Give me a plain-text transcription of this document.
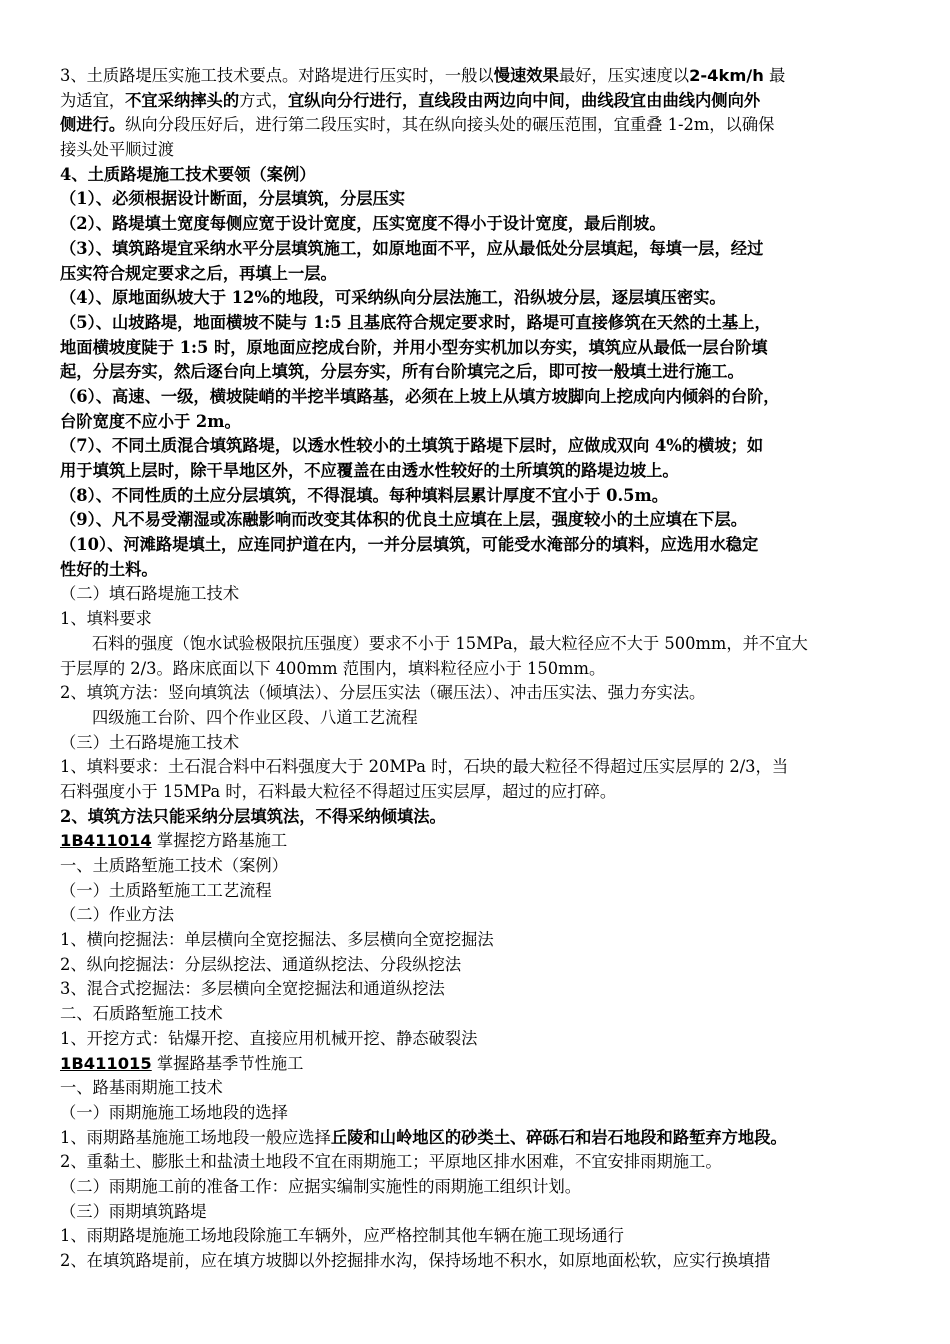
3、土质路堤压实施工技术要点。对路堤进行压实时，一般以慢速效果最好，压实速度以2-4km/h 最
为适宜，不宜采纳摔头的方式，宜纵向分行进行，直线段由两边向中间，曲线段宜由曲线内侧向外
侧进行。纵向分段压好后，进行第二段压实时，其在纵向接头处的碾压范围，宜重叠 1-2m，以确保
接头处平顺过渡
4、土质路堤施工技术要领（案例）
（1）、必须根据设计断面，分层填筑，分层压实
（2）、路堤填土宽度每侧应宽于设计宽度，压实宽度不得小于设计宽度，最后削坡。
（3）、填筑路堤宜采纳水平分层填筑施工，如原地面不平，应从最低处分层填起，每填一层，经过
压实符合规定要求之后，再填上一层。
（4）、原地面纵坡大于 12%的地段，可采纳纵向分层法施工，沿纵坡分层，逐层填压密实。
（5）、山坡路堤，地面横坡不陡与 1:5 且基底符合规定要求时，路堤可直接修筑在天然的土基上，
地面横坡度陡于 1:5 时，原地面应挖成台阶，并用小型夯实机加以夯实，填筑应从最低一层台阶填
起，分层夯实，然后逐台向上填筑，分层夯实，所有台阶填完之后，即可按一般填土进行施工。
（6）、高速、一级，横坡陡峭的半挖半填路基，必须在上坡上从填方坡脚向上挖成向内倾斜的台阶，
台阶宽度不应小于 2m。
（7）、不同土质混合填筑路堤，以透水性较小的土填筑于路堤下层时，应做成双向 4%的横坡；如
用于填筑上层时，除干旱地区外，不应覆盖在由透水性较好的土所填筑的路堤边坡上。
（8）、不同性质的土应分层填筑，不得混填。每种填料层累计厚度不宜小于 0.5m。
（9）、凡不易受潮湿或冻融影响而改变其体积的优良土应填在上层，强度较小的土应填在下层。
（10）、河滩路堤填土，应连同护道在内，一并分层填筑，可能受水淹部分的填料，应选用水稳定
性好的土料。
（二）填石路堤施工技术
1、填料要求
石料的强度（饱水试验极限抗压强度）要求不小于 15MPa，最大粒径应不大于 500mm，并不宜大
于层厚的 2/3。路床底面以下 400mm 范围内，填料粒径应小于 150mm。
2、填筑方法：竖向填筑法（倾填法）、分层压实法（碾压法）、冲击压实法、强力夯实法。
四级施工台阶、四个作业区段、八道工艺流程
（三）土石路堤施工技术
1、填料要求：土石混合料中石料强度大于 20MPa 时，石块的最大粒径不得超过压实层厚的 2/3，当
石料强度小于 15MPa 时，石料最大粒径不得超过压实层厚，超过的应打碎。
2、填筑方法只能采纳分层填筑法，不得采纳倾填法。
1B411014 掌握挖方路基施工
一、土质路堑施工技术（案例）
（一）土质路堑施工工艺流程
（二）作业方法
1、横向挖掘法：单层横向全宽挖掘法、多层横向全宽挖掘法
2、纵向挖掘法：分层纵挖法、通道纵挖法、分段纵挖法
3、混合式挖掘法：多层横向全宽挖掘法和通道纵挖法
二、石质路堑施工技术
1、开挖方式：钻爆开挖、直接应用机械开挖、静态破裂法
1B411015 掌握路基季节性施工
一、路基雨期施工技术
（一）雨期施施工场地段的选择
1、雨期路基施施工场地段一般应选择丘陵和山岭地区的砂类土、碎砾石和岩石地段和路堑弃方地段。
2、重黏土、膨胀土和盐渍土地段不宜在雨期施工；平原地区排水困难，不宜安排雨期施工。
（二）雨期施工前的准备工作：应据实编制实施性的雨期施工组织计划。
（三）雨期填筑路堤
1、雨期路堤施施工场地段除施工车辆外，应严格控制其他车辆在施工现场通行
2、在填筑路堤前，应在填方坡脚以外挖掘排水沟，保持场地不积水，如原地面松软，应实行换填措
